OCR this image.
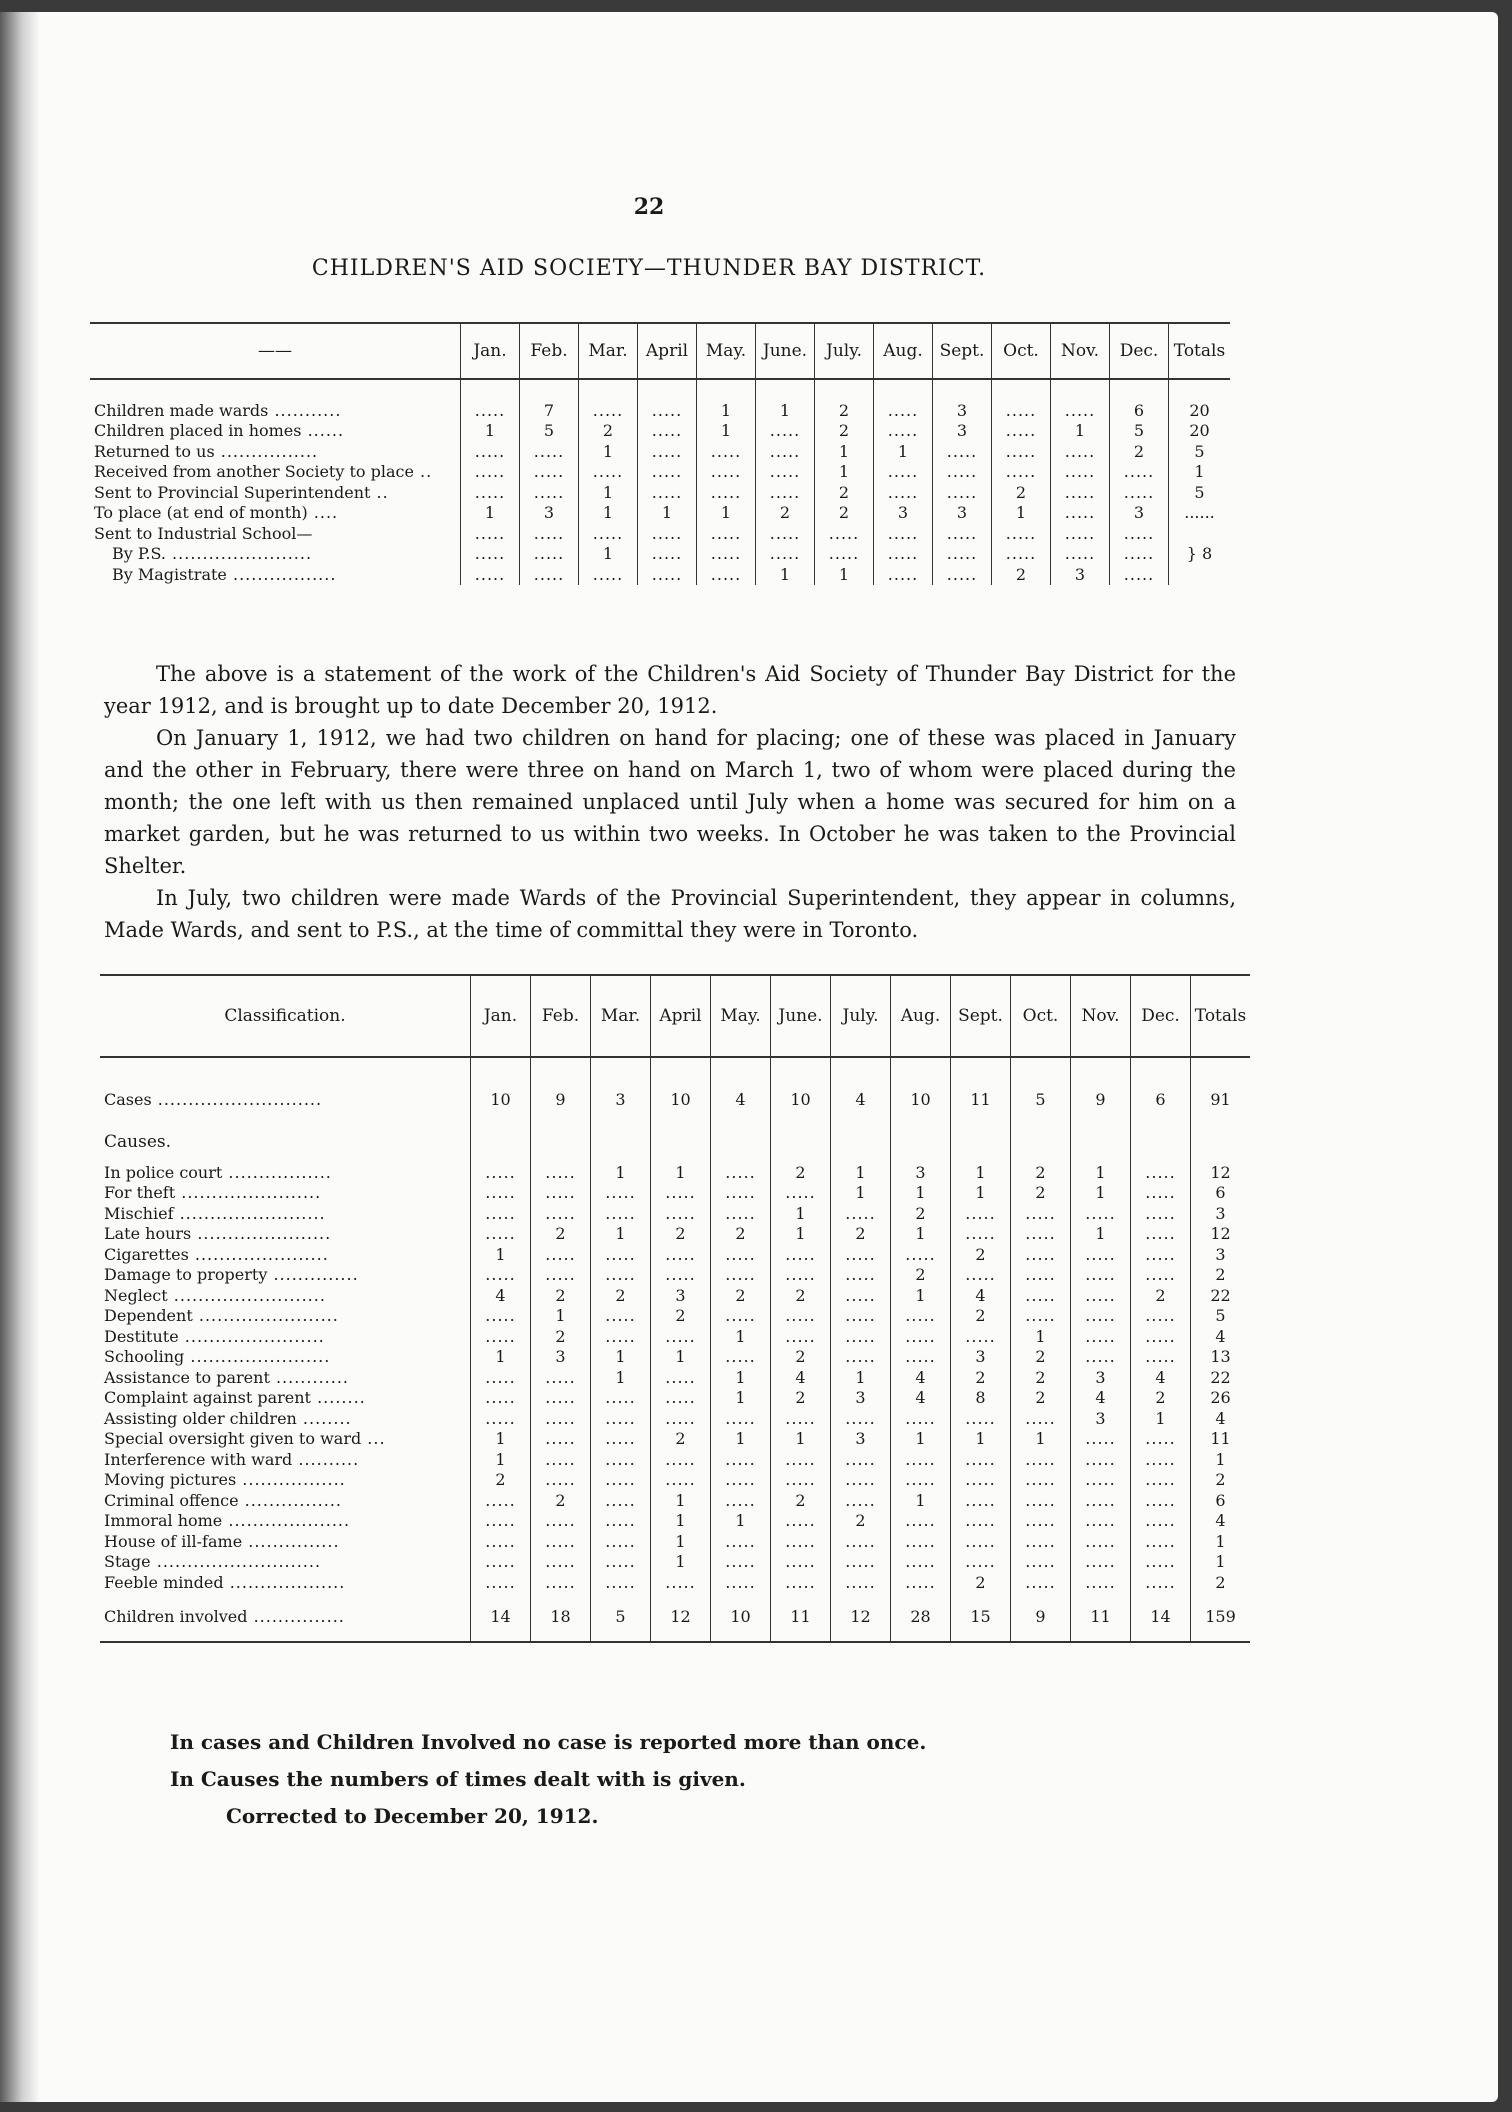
22
CHILDREN'S AID SOCIETY—THUNDER BAY DISTRICT.
——	Jan.	Feb.	Mar.	April	May.	June.	July.	Aug.	Sept.	Oct.	Nov.	Dec.	Totals

Children made wards ...........	.....	7	.....	.....	1	1	2	.....	3	.....	.....	6	20
Children placed in homes ......	1	5	2	.....	1	.....	2	.....	3	.....	1	5	20
Returned to us ................	.....	.....	1	.....	.....	.....	1	1	.....	.....	.....	2	5
Received from another Society to place ..	.....	.....	.....	.....	.....	.....	1	.....	.....	.....	.....	.....	1
Sent to Provincial Superintendent ..	.....	.....	1	.....	.....	.....	2	.....	.....	2	.....	.....	5
To place (at end of month) ....	1	3	1	1	1	2	2	3	3	1	.....	3	......
Sent to Industrial School—	.....	.....	.....	.....	.....	.....	.....	.....	.....	.....	.....	.....	
By P.S. .......................	.....	.....	1	.....	.....	.....	.....	.....	.....	.....	.....	.....	} 8
By Magistrate .................	.....	.....	.....	.....	.....	1	1	.....	.....	2	3	.....	

The above is a statement of the work of the Children's Aid Society of Thunder Bay District for the year 1912, and is brought up to date December 20, 1912.

On January 1, 1912, we had two children on hand for placing; one of these was placed in January and the other in February, there were three on hand on March 1, two of whom were placed during the month; the one left with us then remained unplaced until July when a home was secured for him on a market garden, but he was returned to us within two weeks. In October he was taken to the Provincial Shelter.

In July, two children were made Wards of the Provincial Superintendent, they appear in columns, Made Wards, and sent to P.S., at the time of committal they were in Toronto.

Classification.	Jan.	Feb.	Mar.	April	May.	June.	July.	Aug.	Sept.	Oct.	Nov.	Dec.	Totals

Cases ...........................	10	9	3	10	4	10	4	10	11	5	9	6	91
Causes.													
In police court .................	.....	.....	1	1	.....	2	1	3	1	2	1	.....	12
For theft .......................	.....	.....	.....	.....	.....	.....	1	1	1	2	1	.....	6
Mischief ........................	.....	.....	.....	.....	.....	1	.....	2	.....	.....	.....	.....	3
Late hours ......................	.....	2	1	2	2	1	2	1	.....	.....	1	.....	12
Cigarettes ......................	1	.....	.....	.....	.....	.....	.....	.....	2	.....	.....	.....	3
Damage to property ..............	.....	.....	.....	.....	.....	.....	.....	2	.....	.....	.....	.....	2
Neglect .........................	4	2	2	3	2	2	.....	1	4	.....	.....	2	22
Dependent .......................	.....	1	.....	2	.....	.....	.....	.....	2	.....	.....	.....	5
Destitute .......................	.....	2	.....	.....	1	.....	.....	.....	.....	1	.....	.....	4
Schooling .......................	1	3	1	1	.....	2	.....	.....	3	2	.....	.....	13
Assistance to parent ............	.....	.....	1	.....	1	4	1	4	2	2	3	4	22
Complaint against parent ........	.....	.....	.....	.....	1	2	3	4	8	2	4	2	26
Assisting older children ........	.....	.....	.....	.....	.....	.....	.....	.....	.....	.....	3	1	4
Special oversight given to ward ...	1	.....	.....	2	1	1	3	1	1	1	.....	.....	11
Interference with ward ..........	1	.....	.....	.....	.....	.....	.....	.....	.....	.....	.....	.....	1
Moving pictures .................	2	.....	.....	.....	.....	.....	.....	.....	.....	.....	.....	.....	2
Criminal offence ................	.....	2	.....	1	.....	2	.....	1	.....	.....	.....	.....	6
Immoral home ....................	.....	.....	.....	1	1	.....	2	.....	.....	.....	.....	.....	4
House of ill-fame ...............	.....	.....	.....	1	.....	.....	.....	.....	.....	.....	.....	.....	1
Stage ...........................	.....	.....	.....	1	.....	.....	.....	.....	.....	.....	.....	.....	1
Feeble minded ...................	.....	.....	.....	.....	.....	.....	.....	.....	2	.....	.....	.....	2
Children involved ...............	14	18	5	12	10	11	12	28	15	9	11	14	159
In cases and Children Involved no case is reported more than once.
In Causes the numbers of times dealt with is given.
Corrected to December 20, 1912.
